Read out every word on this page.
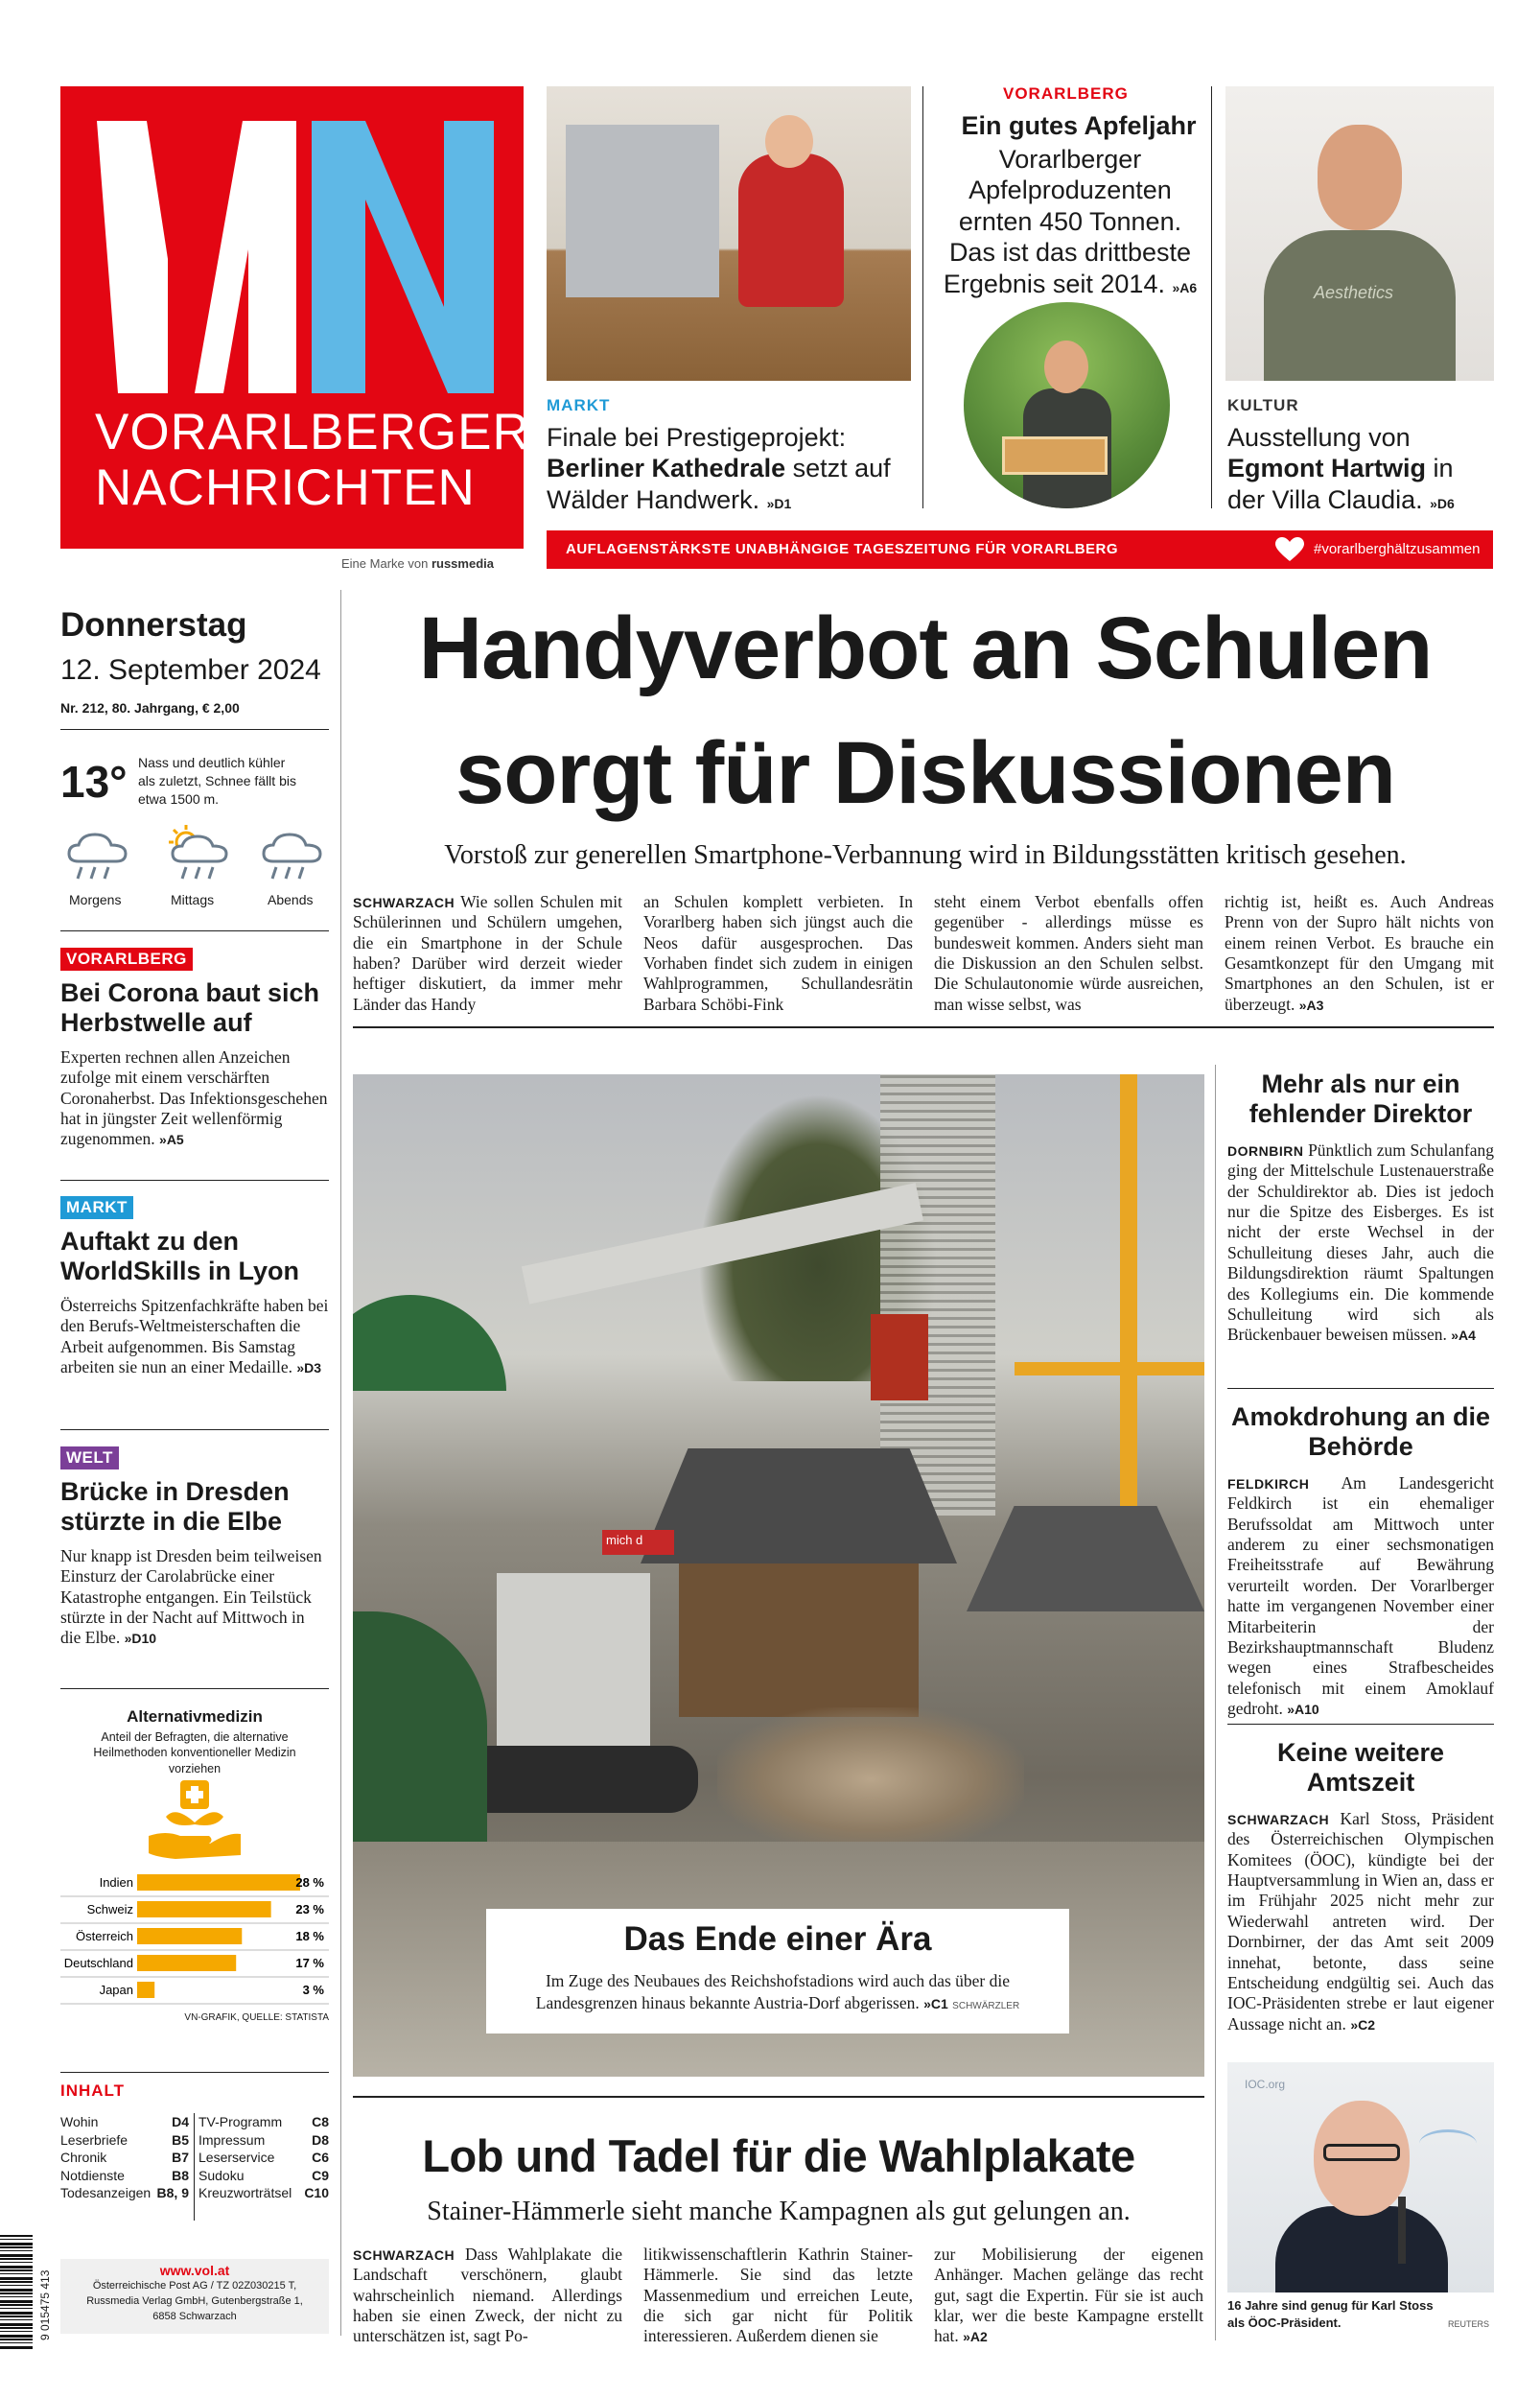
VORARLBERGER
NACHRICHTEN
Eine Marke von russmedia
MARKT
Finale bei Prestigeprojekt:
Berliner Kathedrale setzt auf
Wälder Handwerk. »D1
VORARLBERG
Ein gutes Apfeljahr
Vorarlberger Apfelproduzenten ernten 450 Tonnen. Das ist das drittbeste Ergebnis seit 2014. »A6	Aesthetics
KULTUR
Ausstellung von
Egmont Hartwig in
der Villa Claudia. »D6
AUFLAGENSTÄRKSTE UNABHÄNGIGE TAGESZEITUNG FÜR VORARLBERG	#vorarlberghältzusammen
Donnerstag
12. September 2024
Nr. 212, 80. Jahrgang, € 2,00
13° Nass und deutlich kühler als zuletzt, Schnee fällt bis etwa 1500 m.
Morgens	Mittags	Abends
VORARLBERG
Bei Corona baut sich Herbstwelle auf
Experten rechnen allen Anzeichen zufolge mit einem verschärften Coronaherbst. Das Infektionsgeschehen hat in jüngster Zeit wellenförmig zugenommen. »A5
MARKT
Auftakt zu den WorldSkills in Lyon
Österreichs Spitzenfachkräfte haben bei den Berufs-Weltmeisterschaften die Arbeit aufgenommen. Bis Samstag arbeiten sie nun an einer Medaille. »D3
WELT
Brücke in Dresden stürzte in die Elbe
Nur knapp ist Dresden beim teilweisen Einsturz der Carolabrücke einer Katastrophe entgangen. Ein Teilstück stürzte in der Nacht auf Mittwoch in die Elbe. »D10
Alternativmedizin
Anteil der Befragten, die alternative Heilmethoden konventioneller Medizin vorziehen
Indien	28 %
Schweiz	23 %
Österreich	18 %
Deutschland	17 %
Japan	3 %
VN-GRAFIK, QUELLE: STATISTA
INHALT
Wohin	D4
Leserbriefe	B5
Chronik	B7
Notdienste	B8
Todesanzeigen B8, 9
TV-Programm C8
Impressum	D8
Leserservice	C6
Sudoku	C9
Kreuzworträtsel C10
9 015475 413	www.vol.at
Österreichische Post AG / TZ 02Z030215 T,
Russmedia Verlag GmbH, Gutenbergstraße 1,
6858 Schwarzach
Handyverbot an Schulen
sorgt für Diskussionen
Vorstoß zur generellen Smartphone-Verbannung wird in Bildungsstätten kritisch gesehen.
SCHWARZACH Wie sollen Schulen mit Schülerinnen und Schülern umgehen, die ein Smartphone in der Schule haben? Darüber wird derzeit wieder heftiger diskutiert, da immer mehr Länder das Handy
an Schulen komplett verbieten. In Vorarlberg haben sich jüngst auch die Neos dafür ausgesprochen. Das Vorhaben findet sich zudem in einigen Wahlprogrammen, Schullandesrätin Barbara Schöbi-Fink
steht einem Verbot ebenfalls offen gegenüber - allerdings müsse es bundesweit kommen. Anders sieht man die Diskussion an den Schulen selbst. Die Schulautonomie würde ausreichen, man wisse selbst, was
richtig ist, heißt es. Auch Andreas Prenn von der Supro hält nichts von einem reinen Verbot. Es brauche ein Gesamtkonzept für den Umgang mit Smartphones an den Schulen, ist er überzeugt. »A3
mich d
Das Ende einer Ära
Im Zuge des Neubaues des Reichshofstadions wird auch das über die Landesgrenzen hinaus bekannte Austria-Dorf abgerissen. »C1 SCHWÄRZLER
Mehr als nur ein fehlender Direktor
DORNBIRN Pünktlich zum Schulanfang ging der Mittelschule Lustenauerstraße der Schuldirektor ab. Dies ist jedoch nur die Spitze des Eisberges. Es ist nicht der erste Wechsel in der Schulleitung dieses Jahr, auch die Bildungsdirektion räumt Spaltungen des Kollegiums ein. Die kommende Schulleitung wird sich als Brückenbauer beweisen müssen. »A4
Amokdrohung an die Behörde
FELDKIRCH Am Landesgericht Feldkirch ist ein ehemaliger Berufssoldat am Mittwoch unter anderem zu einer sechsmonatigen Freiheitsstrafe auf Bewährung verurteilt worden. Der Vorarlberger hatte im vergangenen November einer Mitarbeiterin der Bezirkshauptmannschaft Bludenz wegen eines Strafbescheides telefonisch mit einem Amoklauf gedroht. »A10
Keine weitere Amtszeit
SCHWARZACH Karl Stoss, Präsident des Österreichischen Olympischen Komitees (ÖOC), kündigte bei der Hauptversammlung in Wien an, dass er im Frühjahr 2025 nicht mehr zur Wiederwahl antreten wird. Der Dornbirner, der das Amt seit 2009 innehat, betonte, dass seine Entscheidung endgültig sei. Auch das IOC-Präsidenten strebe er laut eigener Aussage nicht an. »C2
IOC.org
16 Jahre sind genug für Karl Stoss als ÖOC-Präsident.	REUTERS
Lob und Tadel für die Wahlplakate
Stainer-Hämmerle sieht manche Kampagnen als gut gelungen an.
SCHWARZACH Dass Wahlplakate die Landschaft verschönern, glaubt wahrscheinlich niemand. Allerdings haben sie einen Zweck, der nicht zu unterschätzen ist, sagt Po-
litikwissenschaftlerin Kathrin Stainer-Hämmerle. Sie sind das letzte Massenmedium und erreichen Leute, die sich gar nicht für Politik interessieren. Außerdem dienen sie
zur Mobilisierung der eigenen Anhänger. Machen gelänge das recht gut, sagt die Expertin. Für sie ist auch klar, wer die beste Kampagne erstellt hat. »A2
